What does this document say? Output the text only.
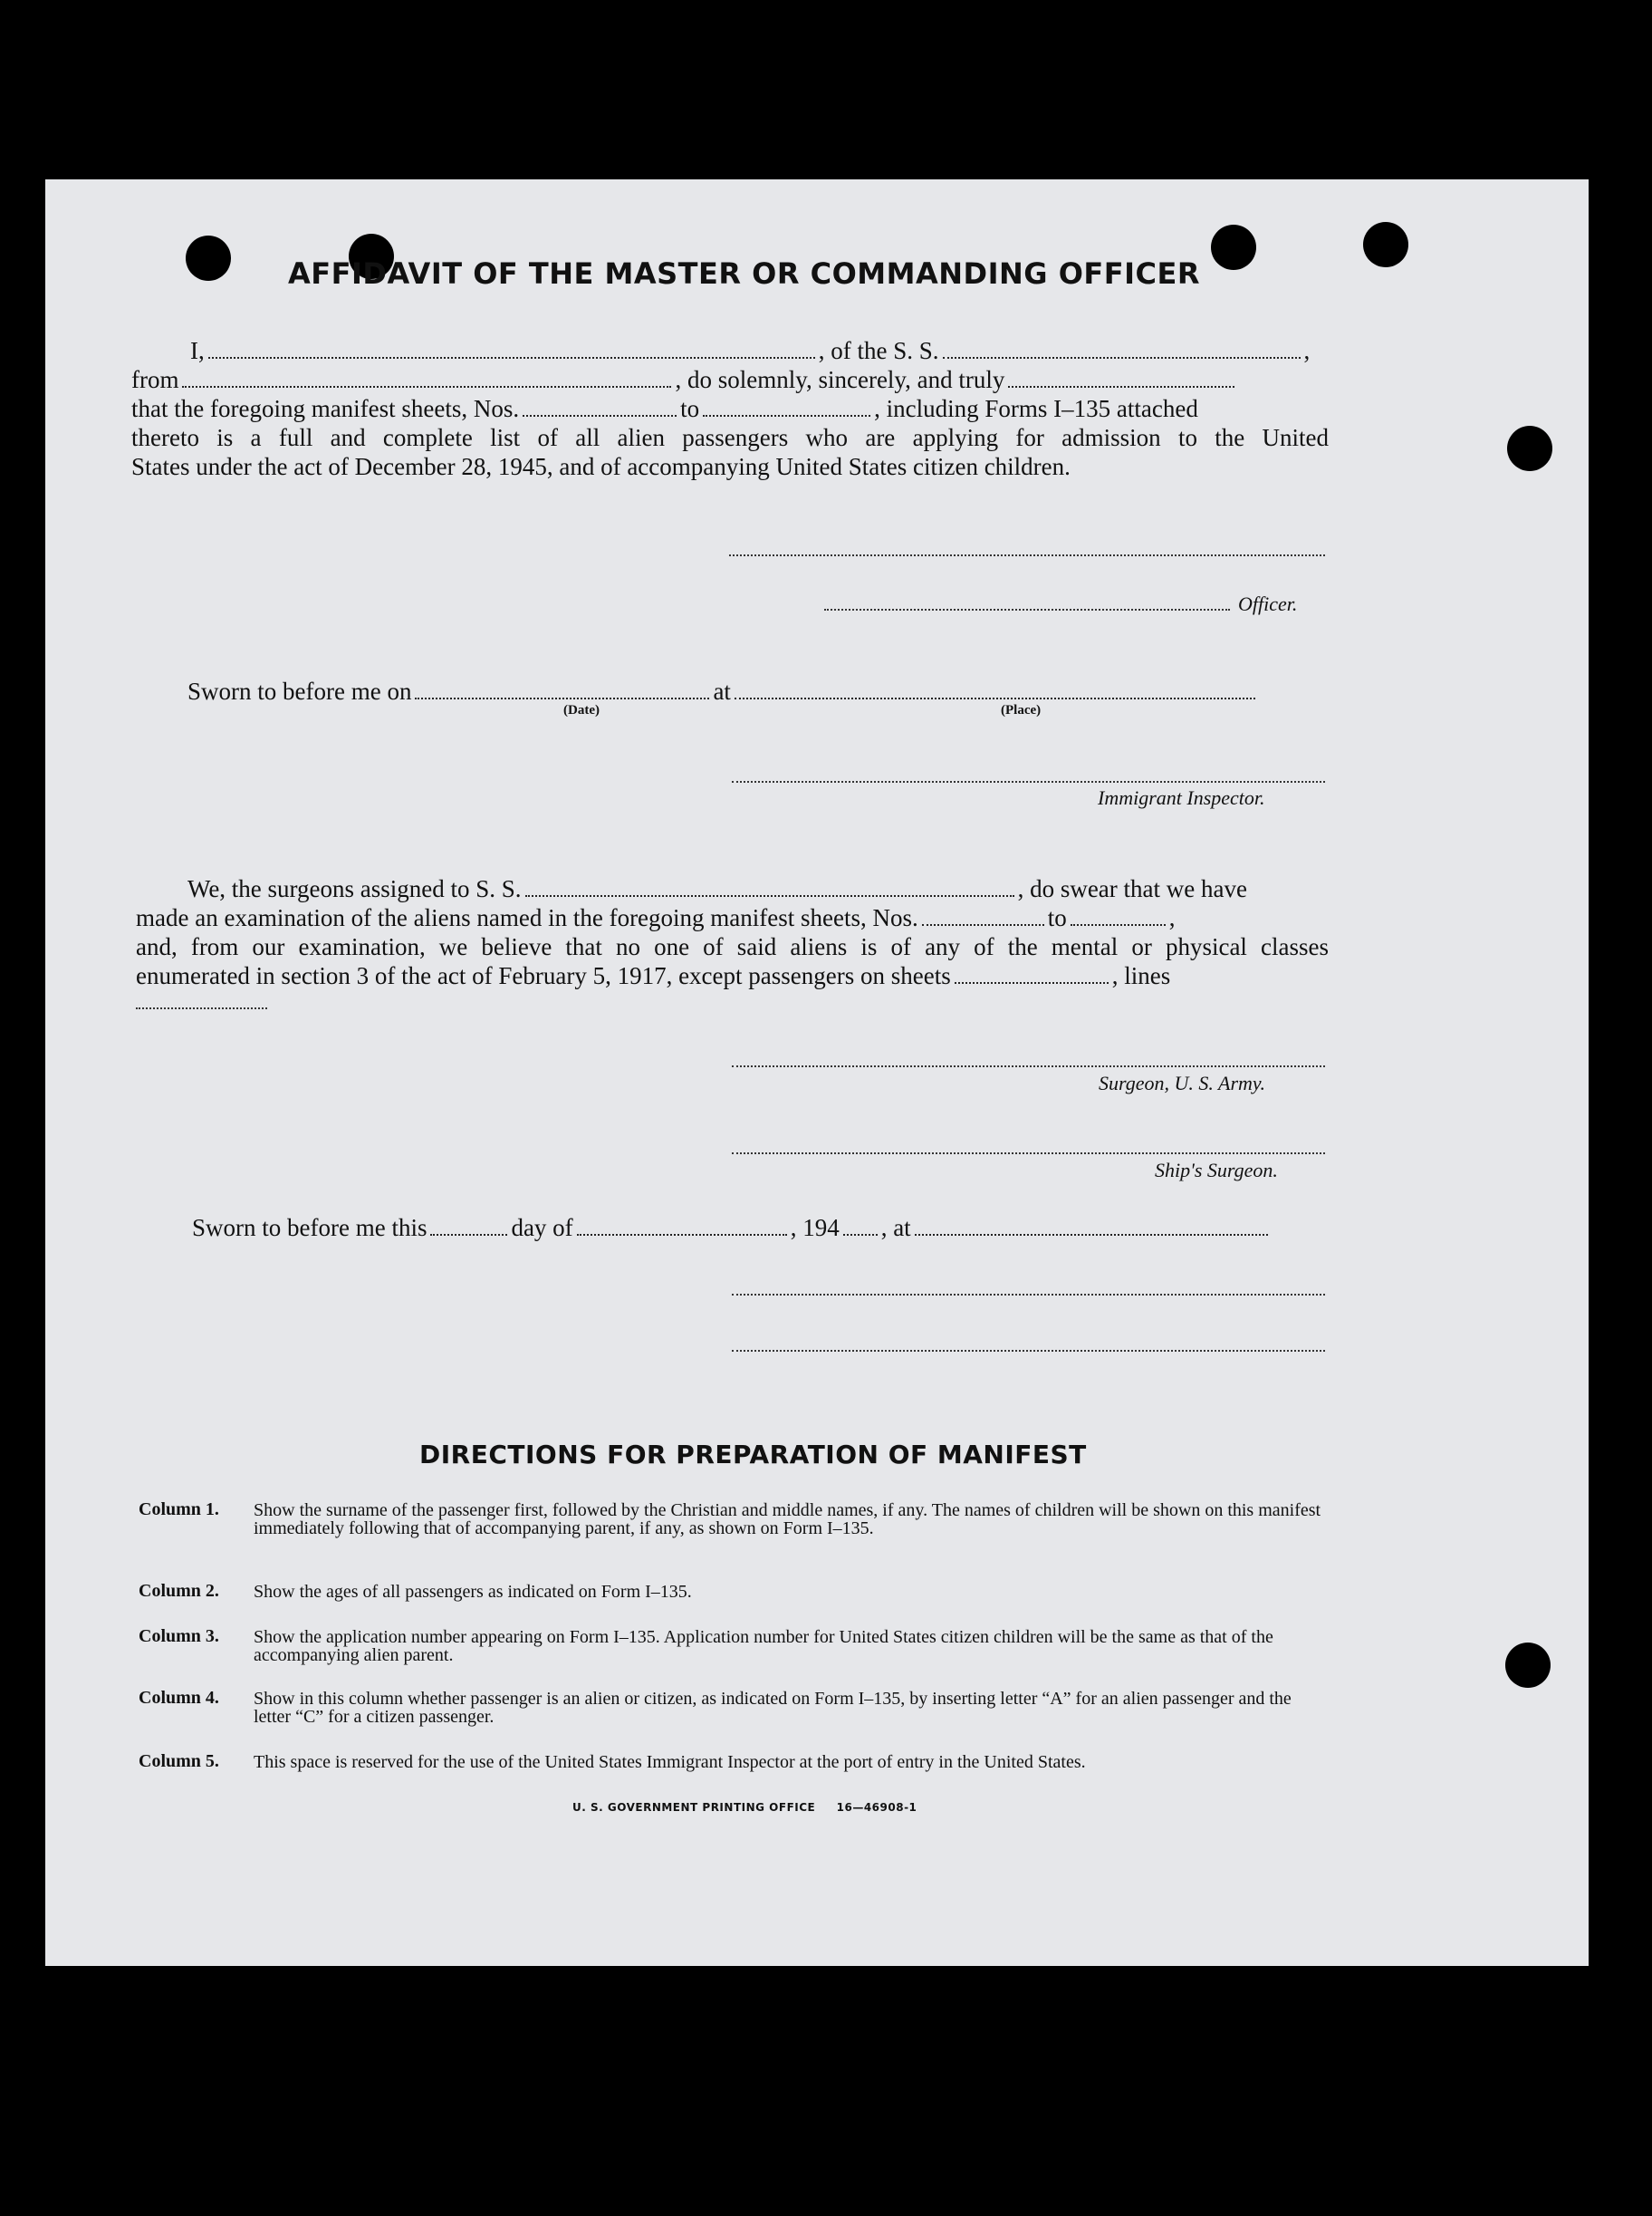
AFFIDAVIT OF THE MASTER OR COMMANDING OFFICER
I,	, of the S. S.	,
from	, do solemnly, sincerely, and truly
that the foregoing manifest sheets, Nos.	to	, including Forms I–135 attached
thereto is a full and complete list of all alien passengers who are applying for admission to the United
States under the act of December 28, 1945, and of accompanying United States citizen children.
Officer.
Sworn to before me on	at
(Date)	(Place)
Immigrant Inspector.
We, the surgeons assigned to S. S.	, do swear that we have
made an examination of the aliens named in the foregoing manifest sheets, Nos.	to	,
and, from our examination, we believe that no one of said aliens is of any of the mental or physical classes
enumerated in section 3 of the act of February 5, 1917, except passengers on sheets	, lines
Surgeon, U. S. Army.
Ship's Surgeon.
Sworn to before me this	day of	, 194 , at
DIRECTIONS FOR PREPARATION OF MANIFEST
Column 1. Show the surname of the passenger first, followed by the Christian and middle names, if any. The names of children will be shown on this manifest immediately following that of accompanying parent, if any, as shown on Form I–135.
Column 2. Show the ages of all passengers as indicated on Form I–135.
Column 3. Show the application number appearing on Form I–135. Application number for United States citizen children will be the same as that of the accompanying alien parent.
Column 4. Show in this column whether passenger is an alien or citizen, as indicated on Form I–135, by inserting letter “A” for an alien passenger and the letter “C” for a citizen passenger.
Column 5. This space is reserved for the use of the United States Immigrant Inspector at the port of entry in the United States.
U. S. GOVERNMENT PRINTING OFFICE 16—46908-1
